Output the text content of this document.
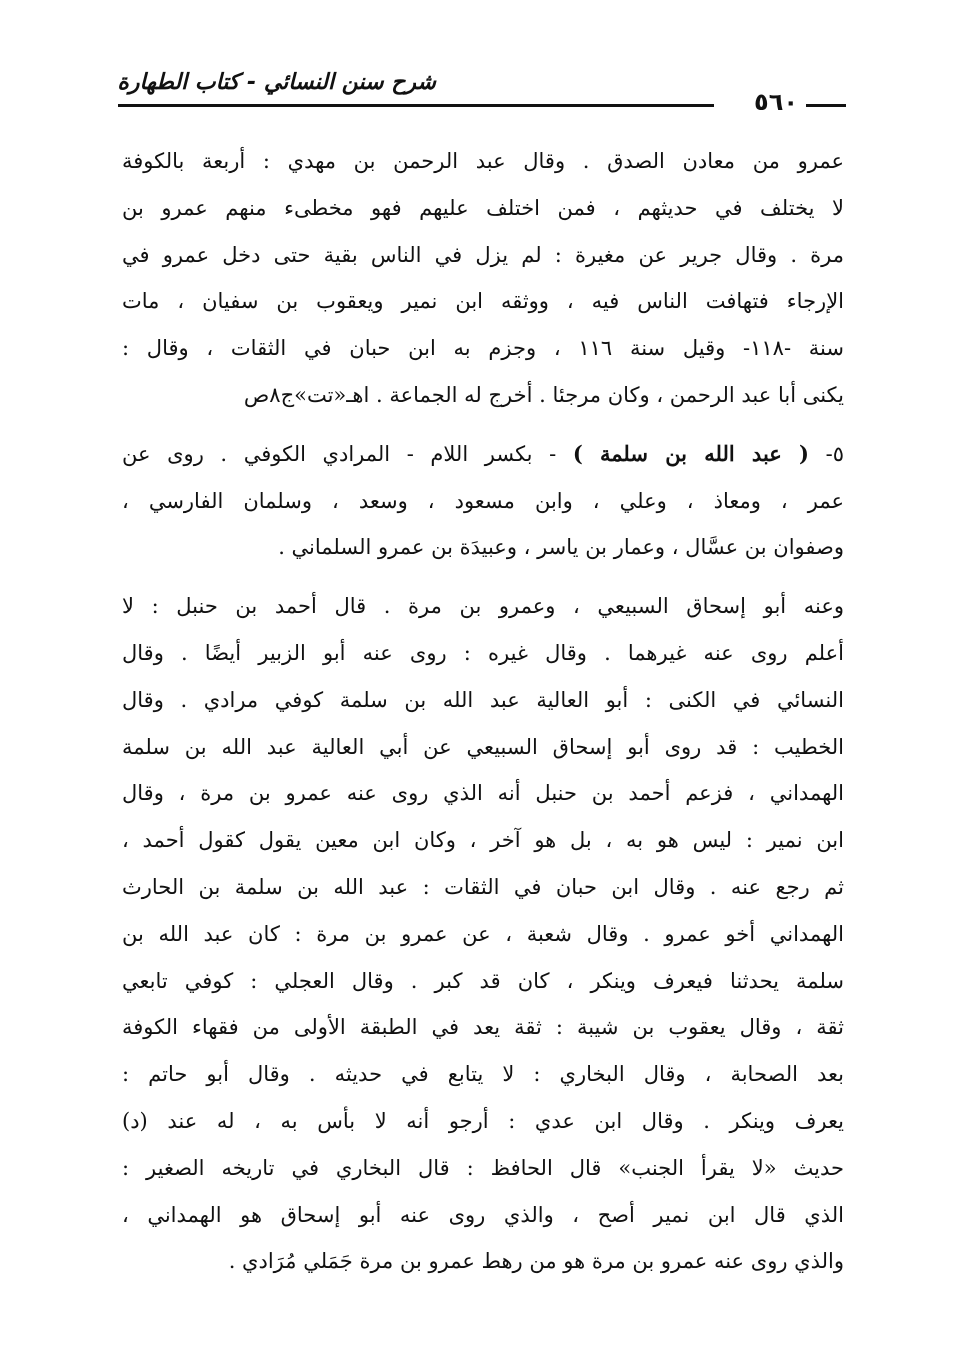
شرح سنن النسائي - كتاب الطهارة
٥٦٠
عمرو من معادن الصدق . وقال عبد الرحمن بن مهدي : أربعة بالكوفة
لا يختلف في حديثهم ، فمن اختلف عليهم فهو مخطىء منهم عمرو بن
مرة . وقال جرير عن مغيرة : لم يزل في الناس بقية حتى دخل عمرو في
الإرجاء فتهافت الناس فيه ، ووثقه ابن نمير ويعقوب بن سفيان ، مات
سنة -١١٨- وقيل سنة ١١٦ ، وجزم به ابن حبان في الثقات ، وقال :
يكنى أبا عبد الرحمن ، وكان مرجئا . أخرج له الجماعة . اهـ«تت»ج٨ص
٥- ( عبد الله بن سلمة ) - بكسر اللام - المرادي الكوفي . روى عن
عمر ، ومعاذ ، وعلي ، وابن مسعود ، وسعد ، وسلمان الفارسي ،
وصفوان بن عسَّال ، وعمار بن ياسر ، وعبيدَة بن عمرو السلماني .
وعنه أبو إسحاق السبيعي ، وعمرو بن مرة . قال أحمد بن حنبل : لا
أعلم روى عنه غيرهما . وقال غيره : روى عنه أبو الزبير أيضًا . وقال
النسائي في الكنى : أبو العالية عبد الله بن سلمة كوفي مرادي . وقال
الخطيب : قد روى أبو إسحاق السبيعي عن أبي العالية عبد الله بن سلمة
الهمداني ، فزعم أحمد بن حنبل أنه الذي روى عنه عمرو بن مرة ، وقال
ابن نمير : ليس هو به ، بل هو آخر ، وكان ابن معين يقول كقول أحمد ،
ثم رجع عنه . وقال ابن حبان في الثقات : عبد الله بن سلمة بن الحارث
الهمداني أخو عمرو . وقال شعبة ، عن عمرو بن مرة : كان عبد الله بن
سلمة يحدثنا فيعرف وينكر ، كان قد كبر . وقال العجلي : كوفي تابعي
ثقة ، وقال يعقوب بن شيبة : ثقة يعد في الطبقة الأولى من فقهاء الكوفة
بعد الصحابة ، وقال البخاري : لا يتابع في حديثه . وقال أبو حاتم :
يعرف وينكر . وقال ابن عدي : أرجو أنه لا بأس به ، له عند (د)
حديث «لا يقرأ الجنب» قال الحافظ : قال البخاري في تاريخه الصغير :
الذي قال ابن نمير أصح ، والذي روى عنه أبو إسحاق هو الهمداني ،
والذي روى عنه عمرو بن مرة هو من رهط عمرو بن مرة جَمَلي مُرَادي .
